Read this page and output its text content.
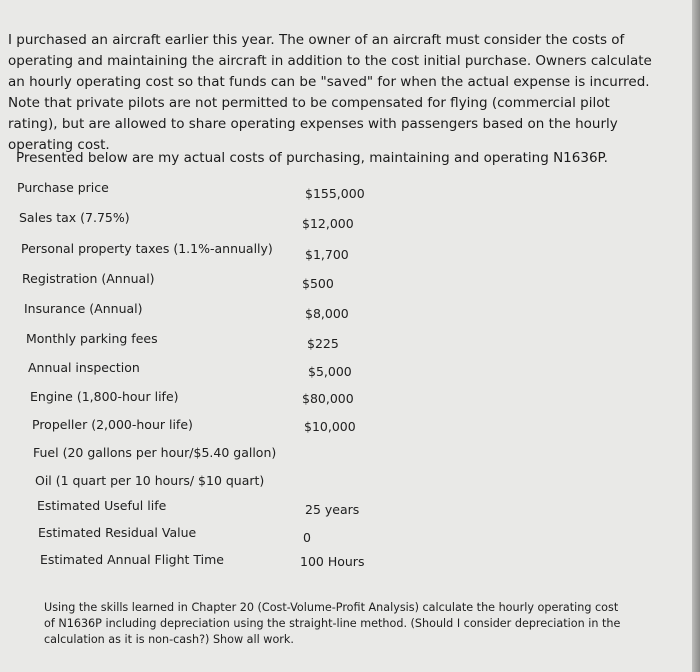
I purchased an aircraft earlier this year. The owner of an aircraft must consider the costs of operating and maintaining the aircraft in addition to the cost initial purchase. Owners calculate an hourly operating cost so that funds can be "saved" for when the actual expense is incurred. Note that private pilots are not permitted to be compensated for flying (commercial pilot rating), but are allowed to share operating expenses with passengers based on the hourly operating cost.

Presented below are my actual costs of purchasing, maintaining and operating N1636P.

Purchase price	$155,000
Sales tax (7.75%)	$12,000
Personal property taxes (1.1%-annually)	$1,700
Registration (Annual)	$500
Insurance (Annual)	$8,000
Monthly parking fees	$225
Annual inspection	$5,000
Engine (1,800-hour life)	$80,000
Propeller (2,000-hour life)	$10,000
Fuel (20 gallons per hour/$5.40 gallon)
Oil (1 quart per 10 hours/ $10 quart)
Estimated Useful life	25 years
Estimated Residual Value	0
Estimated Annual Flight Time	100 Hours

Using the skills learned in Chapter 20 (Cost-Volume-Profit Analysis) calculate the hourly operating cost of N1636P including depreciation using the straight-line method. (Should I consider depreciation in the calculation as it is non-cash?) Show all work.
